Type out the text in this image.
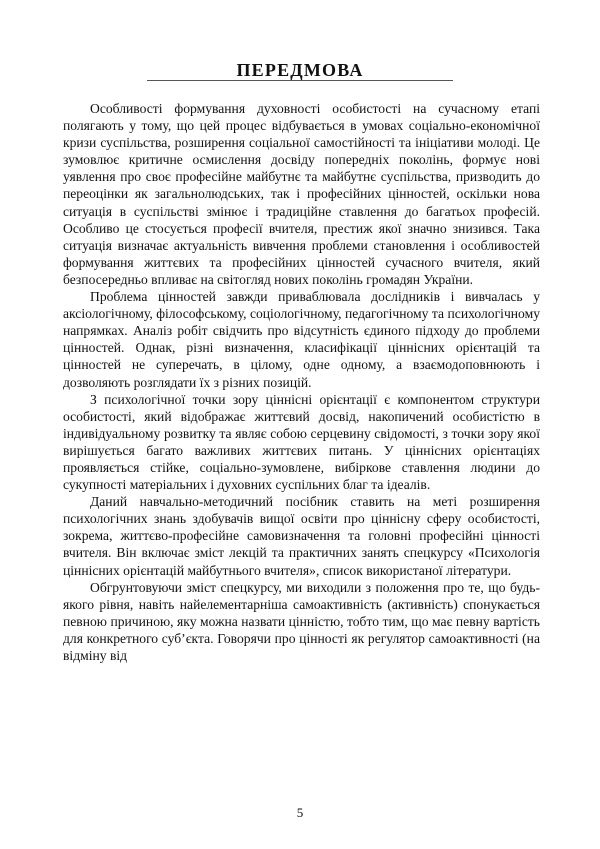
ПЕРЕДМОВА

Особливості формування духовності особистості на сучасному етапі полягають у тому, що цей процес відбувається в умовах соціально-економічної кризи суспільства, розширення соціальної самостійності та ініціативи молоді. Це зумовлює критичне осмислення досвіду попередніх поколінь, формує нові уявлення про своє професійне майбутнє та майбутнє суспільства, призводить до переоцінки як загальнолюдських, так і професійних цінностей, оскільки нова ситуація в суспільстві змінює і традиційне ставлення до багатьох професій. Особливо це стосується професії вчителя, престиж якої значно знизився. Така ситуація визначає актуальність вивчення проблеми становлення і особливостей формування життєвих та професійних цінностей сучасного вчителя, який безпосередньо впливає на світогляд нових поколінь громадян України.

Проблема цінностей завжди приваблювала дослідників і вивчалась у аксіологічному, філософському, соціологічному, педагогічному та психологічному напрямках. Аналіз робіт свідчить про відсутність єдиного підходу до проблеми цінностей. Однак, різні визначення, класифікації ціннісних орієнтацій та цінностей не суперечать, в цілому, одне одному, а взаємодоповнюють і дозволяють розглядати їх з різних позицій.

З психологічної точки зору ціннісні орієнтації є компонентом структури особистості, який відображає життєвий досвід, накопичений особистістю в індивідуальному розвитку та являє собою серцевину свідомості, з точки зору якої вирішується багато важливих життєвих питань. У ціннісних орієнтаціях проявляється стійке, соціально-зумовлене, вибіркове ставлення людини до сукупності матеріальних і духовних суспільних благ та ідеалів.

Даний навчально-методичний посібник ставить на меті розширення психологічних знань здобувачів вищої освіти про ціннісну сферу особистості, зокрема, життєво-професійне самовизначення та головні професійні цінності вчителя. Він включає зміст лекцій та практичних занять спецкурсу «Психологія ціннісних орієнтацій майбутнього вчителя», список використаної літератури.

Обгрунтовуючи зміст спецкурсу, ми виходили з положення про те, що будь-якого рівня, навіть найелементарніша самоактивність (активність) спонукається певною причиною, яку можна назвати цінністю, тобто тим, що має певну вартість для конкретного суб’єкта. Говорячи про цінності як регулятор самоактивності (на відміну від

5
